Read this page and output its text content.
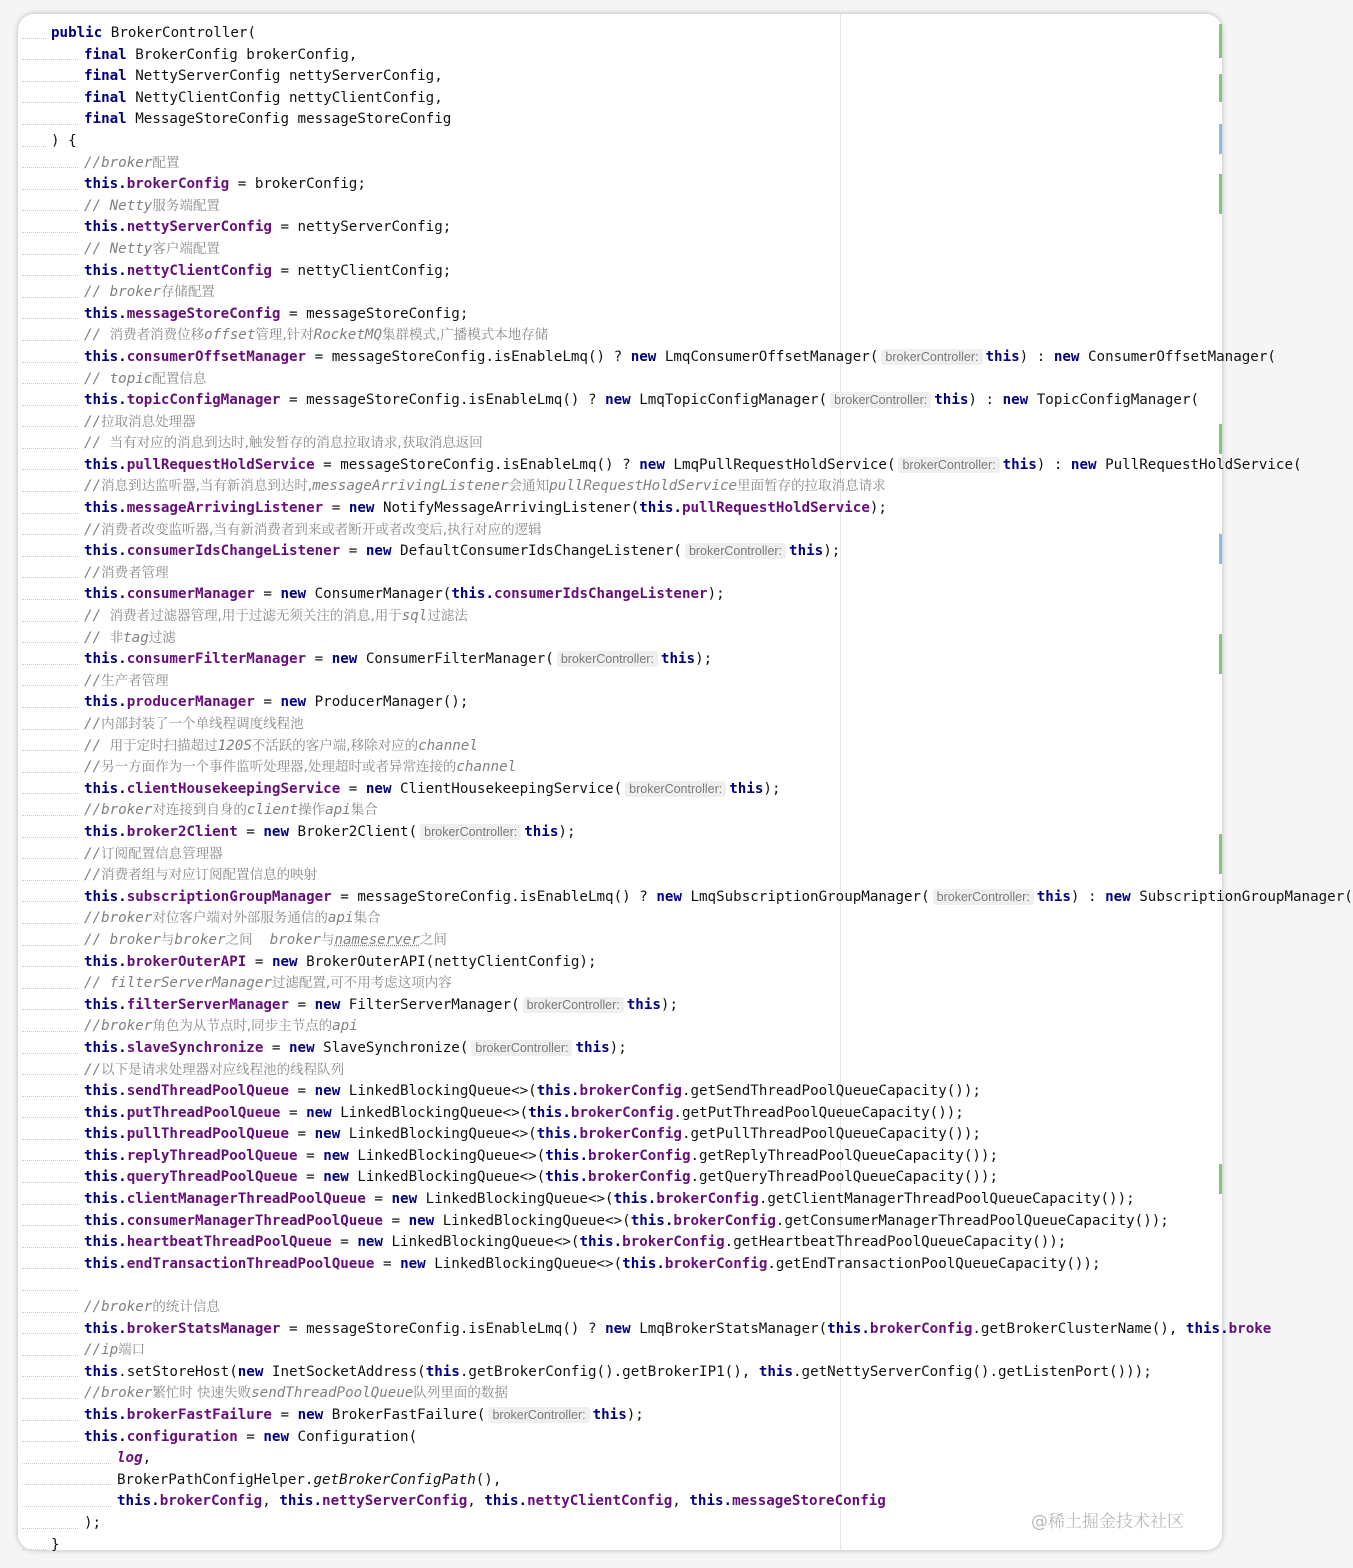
public BrokerController(
final BrokerConfig brokerConfig,
final NettyServerConfig nettyServerConfig,
final NettyClientConfig nettyClientConfig,
final MessageStoreConfig messageStoreConfig
) {
//broker配置
this.brokerConfig = brokerConfig;
// Netty服务端配置
this.nettyServerConfig = nettyServerConfig;
// Netty客户端配置
this.nettyClientConfig = nettyClientConfig;
// broker存储配置
this.messageStoreConfig = messageStoreConfig;
// 消费者消费位移offset管理,针对RocketMQ集群模式,广播模式本地存储
this.consumerOffsetManager = messageStoreConfig.isEnableLmq() ? new LmqConsumerOffsetManager( brokerController: this) : new ConsumerOffsetManager(
// topic配置信息
this.topicConfigManager = messageStoreConfig.isEnableLmq() ? new LmqTopicConfigManager( brokerController: this) : new TopicConfigManager(
//拉取消息处理器
// 当有对应的消息到达时,触发暂存的消息拉取请求,获取消息返回
this.pullRequestHoldService = messageStoreConfig.isEnableLmq() ? new LmqPullRequestHoldService( brokerController: this) : new PullRequestHoldService(
//消息到达监听器,当有新消息到达时,messageArrivingListener会通知pullRequestHoldService里面暂存的拉取消息请求
this.messageArrivingListener = new NotifyMessageArrivingListener(this.pullRequestHoldService);
//消费者改变监听器,当有新消费者到来或者断开或者改变后,执行对应的逻辑
this.consumerIdsChangeListener = new DefaultConsumerIdsChangeListener( brokerController: this);
//消费者管理
this.consumerManager = new ConsumerManager(this.consumerIdsChangeListener);
// 消费者过滤器管理,用于过滤无须关注的消息,用于sql过滤法
// 非tag过滤
this.consumerFilterManager = new ConsumerFilterManager( brokerController: this);
//生产者管理
this.producerManager = new ProducerManager();
//内部封装了一个单线程调度线程池
// 用于定时扫描超过120S不活跃的客户端,移除对应的channel
//另一方面作为一个事件监听处理器,处理超时或者异常连接的channel
this.clientHousekeepingService = new ClientHousekeepingService( brokerController: this);
//broker对连接到自身的client操作api集合
this.broker2Client = new Broker2Client( brokerController: this);
//订阅配置信息管理器
//消费者组与对应订阅配置信息的映射
this.subscriptionGroupManager = messageStoreConfig.isEnableLmq() ? new LmqSubscriptionGroupManager( brokerController: this) : new SubscriptionGroupManager(
//broker对位客户端对外部服务通信的api集合
// broker与broker之间  broker与nameserver之间
this.brokerOuterAPI = new BrokerOuterAPI(nettyClientConfig);
// filterServerManager过滤配置,可不用考虑这项内容
this.filterServerManager = new FilterServerManager( brokerController: this);
//broker角色为从节点时,同步主节点的api
this.slaveSynchronize = new SlaveSynchronize( brokerController: this);
//以下是请求处理器对应线程池的线程队列
this.sendThreadPoolQueue = new LinkedBlockingQueue<>(this.brokerConfig.getSendThreadPoolQueueCapacity());
this.putThreadPoolQueue = new LinkedBlockingQueue<>(this.brokerConfig.getPutThreadPoolQueueCapacity());
this.pullThreadPoolQueue = new LinkedBlockingQueue<>(this.brokerConfig.getPullThreadPoolQueueCapacity());
this.replyThreadPoolQueue = new LinkedBlockingQueue<>(this.brokerConfig.getReplyThreadPoolQueueCapacity());
this.queryThreadPoolQueue = new LinkedBlockingQueue<>(this.brokerConfig.getQueryThreadPoolQueueCapacity());
this.clientManagerThreadPoolQueue = new LinkedBlockingQueue<>(this.brokerConfig.getClientManagerThreadPoolQueueCapacity());
this.consumerManagerThreadPoolQueue = new LinkedBlockingQueue<>(this.brokerConfig.getConsumerManagerThreadPoolQueueCapacity());
this.heartbeatThreadPoolQueue = new LinkedBlockingQueue<>(this.brokerConfig.getHeartbeatThreadPoolQueueCapacity());
this.endTransactionThreadPoolQueue = new LinkedBlockingQueue<>(this.brokerConfig.getEndTransactionPoolQueueCapacity());
//broker的统计信息
this.brokerStatsManager = messageStoreConfig.isEnableLmq() ? new LmqBrokerStatsManager(this.brokerConfig.getBrokerClusterName(), this.broke
//ip端口
this.setStoreHost(new InetSocketAddress(this.getBrokerConfig().getBrokerIP1(), this.getNettyServerConfig().getListenPort()));
//broker繁忙时 快速失败sendThreadPoolQueue队列里面的数据
this.brokerFastFailure = new BrokerFastFailure( brokerController: this);
this.configuration = new Configuration(
log,
BrokerPathConfigHelper.getBrokerConfigPath(),
this.brokerConfig, this.nettyServerConfig, this.nettyClientConfig, this.messageStoreConfig
);
}
@稀土掘金技术社区
